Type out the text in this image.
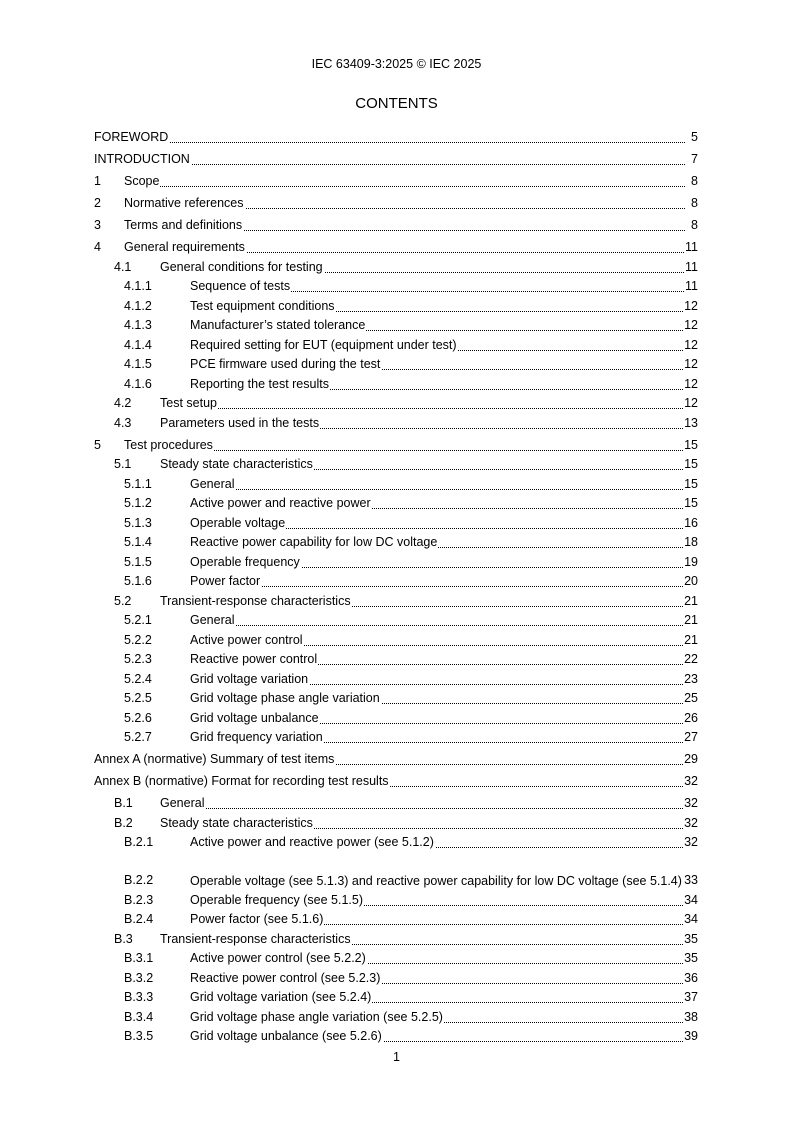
IEC 63409-3:2025 © IEC 2025
CONTENTS
FOREWORD	5
INTRODUCTION	7
1	Scope	8
2	Normative references	8
3	Terms and definitions	8
4	General requirements	11
4.1	General conditions for testing	11
4.1.1	Sequence of tests	11
4.1.2	Test equipment conditions	12
4.1.3	Manufacturer’s stated tolerance	12
4.1.4	Required setting for EUT (equipment under test)	12
4.1.5	PCE firmware used during the test	12
4.1.6	Reporting the test results	12
4.2	Test setup	12
4.3	Parameters used in the tests	13
5	Test procedures	15
5.1	Steady state characteristics	15
5.1.1	General	15
5.1.2	Active power and reactive power	15
5.1.3	Operable voltage	16
5.1.4	Reactive power capability for low DC voltage	18
5.1.5	Operable frequency	19
5.1.6	Power factor	20
5.2	Transient-response characteristics	21
5.2.1	General	21
5.2.2	Active power control	21
5.2.3	Reactive power control	22
5.2.4	Grid voltage variation	23
5.2.5	Grid voltage phase angle variation	25
5.2.6	Grid voltage unbalance	26
5.2.7	Grid frequency variation	27
Annex A (normative) Summary of test items	29
Annex B (normative) Format for recording test results	32
B.1	General	32
B.2	Steady state characteristics	32
B.2.1	Active power and reactive power (see 5.1.2)	32
B.2.2	Operable voltage (see 5.1.3) and reactive power capability for low DC voltage (see 5.1.4) 33
B.2.3	Operable frequency (see 5.1.5)	34
B.2.4	Power factor (see 5.1.6)	34
B.3	Transient-response characteristics	35
B.3.1	Active power control (see 5.2.2)	35
B.3.2	Reactive power control (see 5.2.3)	36
B.3.3	Grid voltage variation (see 5.2.4)	37
B.3.4	Grid voltage phase angle variation (see 5.2.5)	38
B.3.5	Grid voltage unbalance (see 5.2.6)	39
1
